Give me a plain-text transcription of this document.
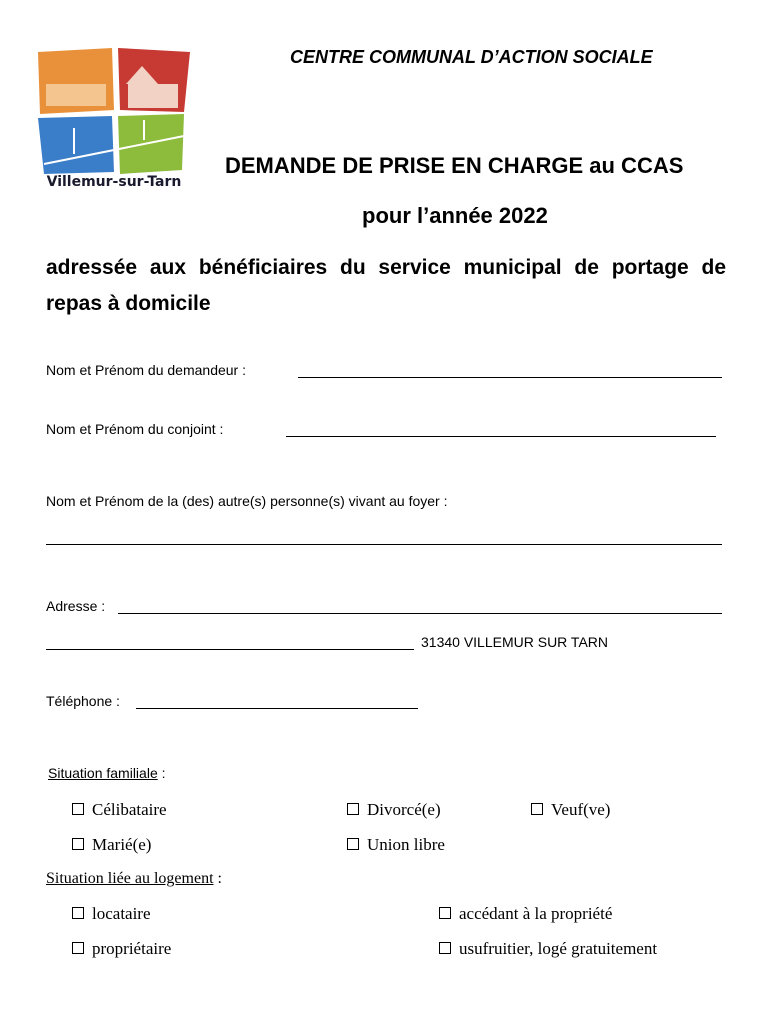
Villemur-sur-Tarn
CENTRE COMMUNAL D’ACTION SOCIALE
DEMANDE DE PRISE EN CHARGE au CCAS
pour l’année 2022
adressée aux bénéficiaires du service municipal de portage de repas à domicile
Nom et Prénom du demandeur :
Nom et Prénom du conjoint :
Nom et Prénom de la (des) autre(s) personne(s) vivant au foyer :
Adresse :
31340 VILLEMUR SUR TARN
Téléphone :
Situation familiale :
Célibataire	Divorcé(e)	Veuf(ve)
Marié(e)	Union libre
Situation liée au logement :
locataire	accédant à la propriété
propriétaire	usufruitier, logé gratuitement
